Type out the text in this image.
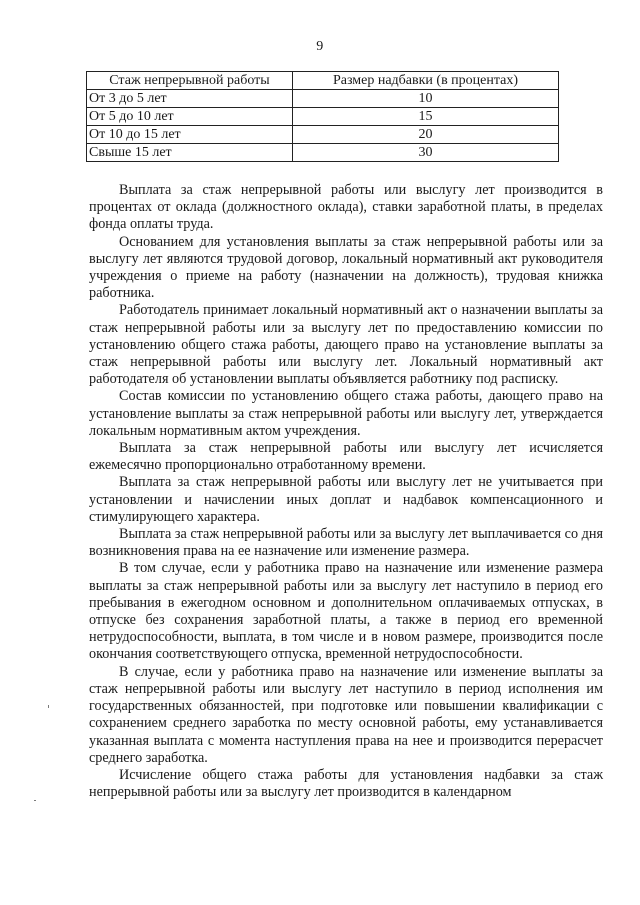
9
Стаж непрерывной работы	Размер надбавки (в процентах)
От 3 до 5 лет	10
От 5 до 10 лет	15
От 10 до 15 лет	20
Свыше 15 лет	30

Выплата за стаж непрерывной работы или выслугу лет производится в процентах от оклада (должностного оклада), ставки заработной платы, в пределах фонда оплаты труда.

Основанием для установления выплаты за стаж непрерывной работы или за выслугу лет являются трудовой договор, локальный нормативный акт руководителя учреждения о приеме на работу (назначении на должность), трудовая книжка работника.

Работодатель принимает локальный нормативный акт о назначении выплаты за стаж непрерывной работы или за выслугу лет по предоставлению комиссии по установлению общего стажа работы, дающего право на установление выплаты за стаж непрерывной работы или выслугу лет. Локальный нормативный акт работодателя об установлении выплаты объявляется работнику под расписку.

Состав комиссии по установлению общего стажа работы, дающего право на установление выплаты за стаж непрерывной работы или выслугу лет, утверждается локальным нормативным актом учреждения.

Выплата за стаж непрерывной работы или выслугу лет исчисляется ежемесячно пропорционально отработанному времени.

Выплата за стаж непрерывной работы или выслугу лет не учитывается при установлении и начислении иных доплат и надбавок компенсационного и стимулирующего характера.

Выплата за стаж непрерывной работы или за выслугу лет выплачивается со дня возникновения права на ее назначение или изменение размера.

В том случае, если у работника право на назначение или изменение размера выплаты за стаж непрерывной работы или за выслугу лет наступило в период его пребывания в ежегодном основном и дополнительном оплачиваемых отпусках, в отпуске без сохранения заработной платы, а также в период его временной нетрудоспособности, выплата, в том числе и в новом размере, производится после окончания соответствующего отпуска, временной нетрудоспособности.

В случае, если у работника право на назначение или изменение выплаты за стаж непрерывной работы или выслугу лет наступило в период исполнения им государственных обязанностей, при подготовке или повышении квалификации с сохранением среднего заработка по месту основной работы, ему устанавливается указанная выплата с момента наступления права на нее и производится перерасчет среднего заработка.

Исчисление общего стажа работы для установления надбавки за стаж непрерывной работы или за выслугу лет производится в календарном
